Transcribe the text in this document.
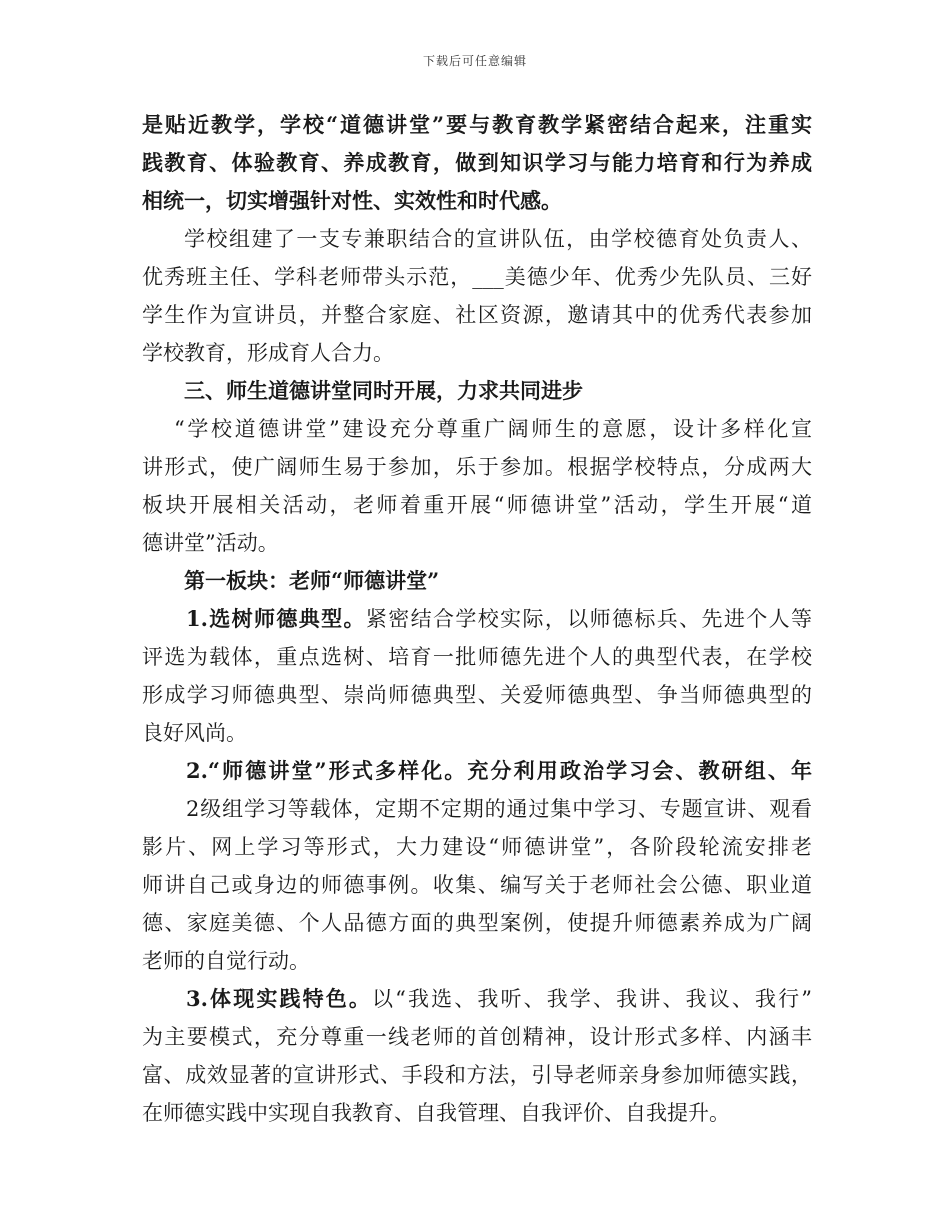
下载后可任意编辑
是贴近教学，学校“道德讲堂”要与教育教学紧密结合起来，注重实
践教育、体验教育、养成教育，做到知识学习与能力培育和行为养成
相统一，切实增强针对性、实效性和时代感。
学校组建了一支专兼职结合的宣讲队伍，由学校德育处负责人、
优秀班主任、学科老师带头示范，___美德少年、优秀少先队员、三好
学生作为宣讲员，并整合家庭、社区资源，邀请其中的优秀代表参加
学校教育，形成育人合力。
三、师生道德讲堂同时开展，力求共同进步
“学校道德讲堂”建设充分尊重广阔师生的意愿，设计多样化宣
讲形式，使广阔师生易于参加，乐于参加。根据学校特点，分成两大
板块开展相关活动，老师着重开展“师德讲堂”活动，学生开展“道
德讲堂”活动。
第一板块：老师“师德讲堂”
1.选树师德典型。紧密结合学校实际，以师德标兵、先进个人等
评选为载体，重点选树、培育一批师德先进个人的典型代表，在学校
形成学习师德典型、崇尚师德典型、关爱师德典型、争当师德典型的
良好风尚。
2.“师德讲堂”形式多样化。充分利用政治学习会、教研组、年
2级组学习等载体，定期不定期的通过集中学习、专题宣讲、观看
影片、网上学习等形式，大力建设“师德讲堂”，各阶段轮流安排老
师讲自己或身边的师德事例。收集、编写关于老师社会公德、职业道
德、家庭美德、个人品德方面的典型案例，使提升师德素养成为广阔
老师的自觉行动。
3.体现实践特色。以“我选、我听、我学、我讲、我议、我行”
为主要模式，充分尊重一线老师的首创精神，设计形式多样、内涵丰
富、成效显著的宣讲形式、手段和方法，引导老师亲身参加师德实践，
在师德实践中实现自我教育、自我管理、自我评价、自我提升。
